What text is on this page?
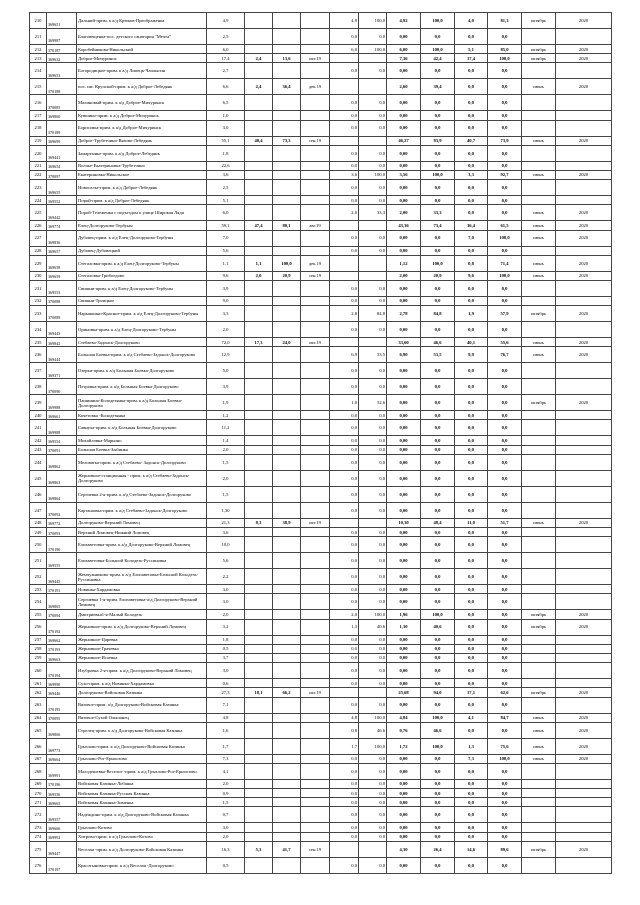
210	369651	Дальний-прим. к а/д Крюков-Преображенка	4,9				4,9	100,0	4,92	100,0	4,0	81,3	октябрь	2020
211	369987	Благовещенка-пос. детского санатория "Мечта"	2,5				0,0	0,0	0,00	0,0	0,0	0,0		
212	370187	Коробейникова-Никольский	6,0				6,0	100,0	6,00	100,0	5,1	85,0	октябрь	2020
213	369632	Доброе-Мичуринск	17,4	2,4	13,6	окт.19			7,36	42,4	17,4	100,0	октябрь	2020
214	369653	Богородицкое-прим. к а/д Липецк-Чаплыгин	2,7				0,0	0,0	0,00	0,0	0,0	0,0		
215	370188	пос. им. Крупской-прим. к а/д Доброе-Лебедянь	6,6	2,4	36,4	дек.19			2,60	39,4	0,0	0,0	июнь	2020
216	370085	Малиновый-прим. к а/д Доброе-Мичуринск	6,5				0,0	0,0	0,00	0,0	0,0	0,0		
217	369860	Кувшино-прим. к а/д Доброе-Мичуринск	1,0				0,0	0,0	0,00	0,0	0,0	0,0		
218	370189	Борисовка-прим. к а/д Доброе-Мичуринск	3,0				0,0	0,0	0,00	0,0	0,0	0,0		
219	369699	Доброе-Трубетчино-Вязово-Лебедянь	55,1	40,4	73,3	сен.19			46,27	83,9	40,7	73,9	июнь	2020
220	369441	Замартынье-прим. к а/д Доброе-Лебедянь	1,8				0,0	0,0	0,00	0,0	0,0	0,0		
221	369654	Волчье-Екатериновка-Трубетчино	22,6				0,0	0,0	0,00	0,0	0,0	0,0		
222	370097	Екатериновка-Никольское	3,6				3,6	100,0	3,56	100,0	3,3	92,7	июнь	2020
223	369655	Новоселье-прим. к а/д Доброе-Лебедянь	2,5				0,0	0,0	0,00	0,0	0,0	0,0		
224	369552	Порой-прим. к а/д Доброе-Лебедянь	5,1				0,0	0,0	0,00	0,0	0,0	0,0		
225	369442	Порой-Тележенка с подъездом к улице Широкая Лядя	6,0				2,0	33,3	2,00	33,3	0,0	0,0	июнь	2020
226	369774	Елец-Долгоруково-Тербуны	59,1	47,4	80,1	авг.19			43,36	73,4	36,4	61,5	июнь	2020
227	369836	Дубовец-прим. к а/д Елец-Долгоруково-Тербуны	7,0				0,0	0,0	0,00	0,0	7,0	100,0	июнь	2020
228	369657	Дубовец-Дубовецкий	5,6				0,0	0,0	0,00	0,0	0,0	0,0		
229	369658	Стегаловка-прим. к а/д Елец-Долгоруково-Тербуны	1,1	1,1	100,0	дек.19			1,12	100,0	0,8	71,4	июнь	2020
230	369659	Стегаловка-Грибоедово	9,6	2,0	20,9	сен.19			2,00	20,9	9,6	100,0	июнь	2020
231	369553	Свишни-прим. к а/д Елец-Долгоруково-Тербуны	3,9				0,0	0,0	0,00	0,0	0,0	0,0		
232	370088	Свишни-Троицкое	9,0				0,0	0,0	0,00	0,0	0,0	0,0		
233	370089	Нарышкино-Красное-прим. к а/д Елец-Долгоруково-Тербуны	3,3				2,8	84,8	2,78	84,8	1,9	57,9	октябрь	2020
234	369443	Ориновка-прим. к а/д Елец-Долгоруково-Тербуны	2,0				0,0	0,0	0,00	0,0	0,0	0,0		
235	369842	Стебаево-Задонск-Долгоруково	72,0	17,3	24,0	окт.19			33,60	46,6	40,1	55,6	июнь	2020
236	369444	Большая Боевка-прим. к а/д Стебаево-Задонск-Долгоруково	12,9				6,9	53,5	6,90	53,5	9,9	76,7	июнь	2020
237	369371	Озерки-прим. к а/д Большая Боевка-Долгоруково	5,0				0,0	0,0	0,00	0,0	0,0	0,0		
238	370090	Петровка-прим. к а/д Большая Боевка-Долгоруково	3,9				0,0	0,0	0,00	0,0	0,0	0,0		
239	369988	Пашинино-Колодезянка-прим. к а/д Большая Боевка-Долгоруково	1,9				1,0	52,6	0,00	0,0	0,0	0,0	октябрь	2020
240	369661	Кочетовка -Колодезянка	1,2				0,0	0,0	0,00	0,0	0,0	0,0		
241	369988	Савнуха-прим. к а/д Большая Боевка-Долгоруково	11,2				0,0	0,0	0,00	0,0	0,0	0,0		
242	369554	Михайловка-Марьино	1,4				0,0	0,0	0,00	0,0	0,0	0,0		
243	370091	Большая Боевка-Зыбинка	2,0				0,0	0,0	0,00	0,0	0,0	0,0		
244	369862	Меловатка-прим. к а/д Стебаево- Задонск-Долгоруково	1,5				0,0	0,0	0,00	0,0	0,0	0,0		
245	369863	Жерновное-станционная - прим. к а/д Стебаево-Задонск-Долгоруково	2,0				0,0	0,0	0,00	0,0	0,0	0,0		
246	369864	Сергиевка 2-я-прим. к а/д Стебаево-Задонск-Долгоруково	1,5				0,0	0,0	0,00	0,0	0,0	0,0		
247	370092	Карташовка-прим. к а/д Стебаево-Задонск-Долгоруково	1,30				0,0	0,0	0,00	0,0	0,0	0,0		
248	369772	Долгоруково-Верхний Ломовец	21,3	8,3	38,9	окт.19			10,30	48,4	11,0	51,7	июнь	2020
249	370093	Верхний Ломовец-Нижний Ломовец	3,6				0,0	0,0	0,00	0,0	0,0	0,0		
250	370190	Елизаветовка-прим. к а/д Долгоруково-Верхний Ломовец	10,0				0,0	0,0	0,00	0,0	0,0	0,0		
251	369555	Елизаветовка-Большой Колодезь-Руссиновка	5,6				0,0	0,0	0,00	0,0	0,0	0,0		
252	369445	Жемчужниково-прим. к а/д Елизаветовка-Большой Колодезь- Руссиновка	2,2				0,0	0,0	0,00	0,0	0,0	0,0		
253	370191	Новинка-Хардамовка	3,0				0,0	0,0	0,00	0,0	0,0	0,0		
254	369865	Сергиевка 1-я-прим. Елизаветовка-а/д Долгоруково-Верхний Ломовец	3,0				0,0	0,0	0,00	0,0	0,0	0,0		
255	370094	Дмитриевка1-я-Малый Колодезь	2,0				2,0	100,0	1,96	100,0	0,0	0,0	октябрь	2020
256	370192	Жерновное-прим. к а/д Долгоруково-Верхний Ломовец	3,2				1,3	40,6	1,30	40,6	0,0	0,0	октябрь	2020
257	369662	Жерновное-Царевка	1,8				0,0	0,0	0,00	0,0	0,0	0,0		
258	370193	Жерновное-Грачевка	0,5				0,0	0,0	0,00	0,0	0,0	0,0		
259	369663	Жерновное-Исаевка	3,7				0,0	0,0	0,00	0,0	0,0	0,0		
260	370194	Изубровка 2-я-прим. к а/д Долгоруково-Верхний Ломовец	3,0				0,0	0,0	0,00	0,0	0,0	0,0		
261	369990	Сухо-прим. к а/д Новинка-Хардамовка	0,6				0,0	0,0	0,00	0,0	0,0	0,0		
262	369446	Долгоруково-Войсковая Казинка	27,3	18,1	66,2	окт.19			25,68	94,0	17,1	62,6	октябрь	2020
263	370195	Вязовое-прим. а/д Долгоруково-Войсковая Казинка	7,1				0,0	0,0	0,00	0,0	0,0	0,0		
264	370095	Вязовое-Сухой Ольшанец	4,8				4,8	100,0	4,84	100,0	4,1	84,7	июнь	2020
265	369866	Стрелец-прим. к а/д Долгоруково-Войсковая Казинка	1,6				0,8	46,6	0,76	46,6	0,0	0,0	июнь	2020
266	369773	Грызлово-прим. к а/д Долгоруково-Войсковая Казинка	1,7				1,7	100,0	1,72	100,0	1,3	75,6	июнь	2020
267	369664	Грызлово-Рог-Ерноозово	7,3				0,0	0,0	0,00	0,0	7,3	100,0	июнь	2020
268	369991	Малодешевка-Веселое -прим. к а/д Грызлово-Рог-Ерноозово	4,1				0,0	0,0	0,00	0,0	0,0	0,0		
269	370196	Войсковая Казинка-Лобанка	2,0				0,0	0,0	0,00	0,0	0,0	0,0		
270	369556	Войсковая Казинка-Русская Казинка	0,9				0,0	0,0	0,00	0,0	0,0	0,0		
271	369665	Войсковая Казинка-Зименка	1,5				0,0	0,0	0,00	0,0	0,0	0,0		
272	369557	Надеждино-прим. к а/д Долгоруково-Войсковая Казинка	0,7				0,0	0,0	0,00	0,0	0,0	0,0		
273	369666	Грызлово-Котово	3,0				0,0	0,0	0,00	0,0	0,0	0,0		
274	369992	Хитрово-прим. к а/д Грызлово-Котово	2,0				0,0	0,0	0,00	0,0	0,0	0,0		
275	369447	Веселая -прим. к а/д Долгоруково-Войсковая Казинка	16,3	5,3	41,7	сен.19			4,30	26,4	14,6	89,6	октябрь	2020
276	370197	Красотыновка-прим. к а/д Веселая -Долгоруково	0,5				0,0	0,0	0,00	0,0	0,0	0,0		
